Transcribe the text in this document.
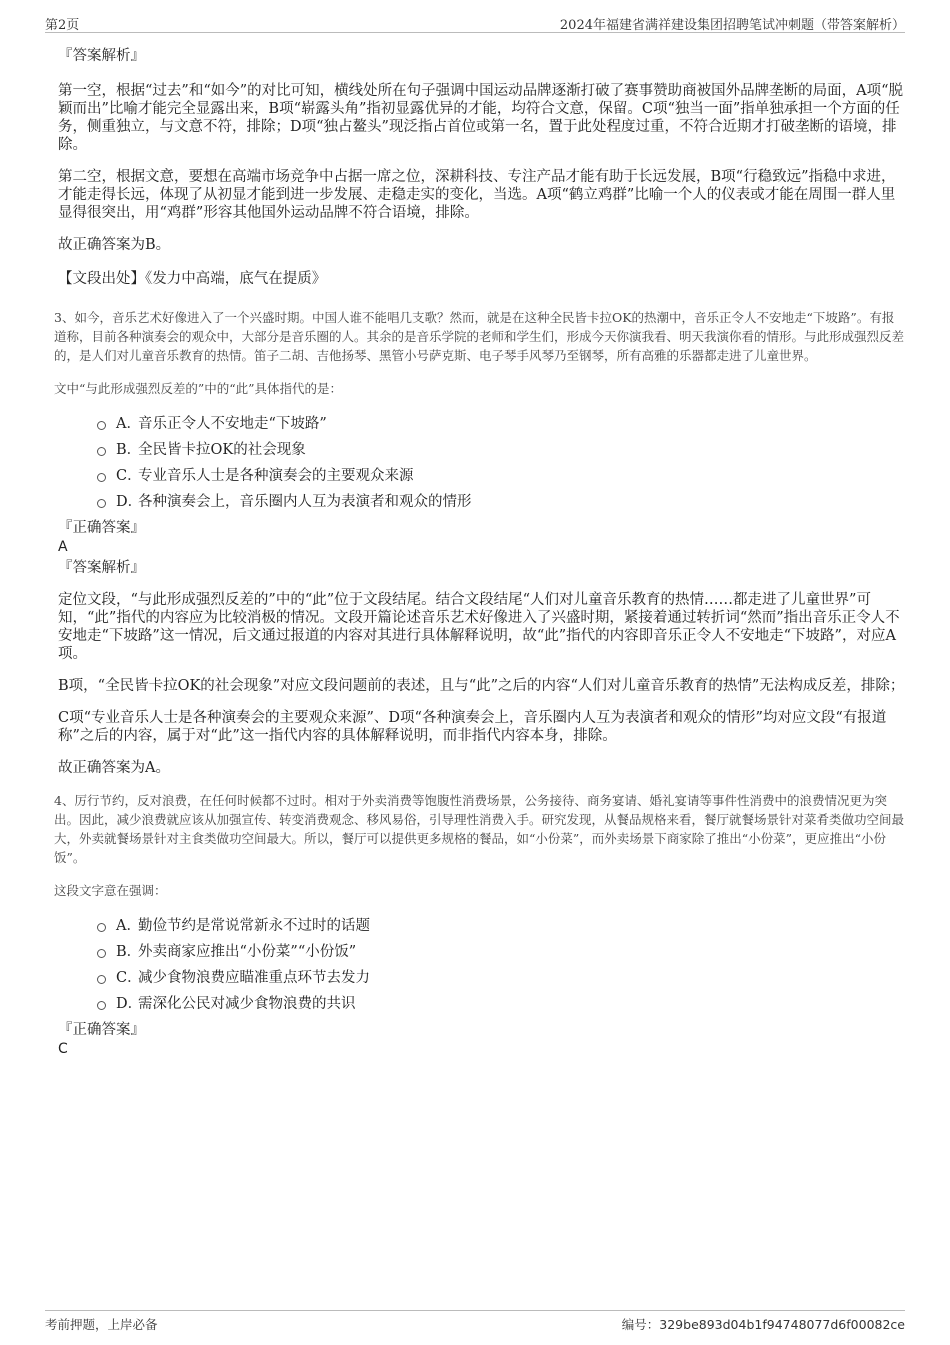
第2页	2024年福建省满祥建设集团招聘笔试冲刺题（带答案解析）

『答案解析』

第一空，根据“过去”和“如今”的对比可知，横线处所在句子强调中国运动品牌逐渐打破了赛事赞助商被国外品牌垄断的局面，A项“脱颖而出”比喻才能完全显露出来，B项“崭露头角”指初显露优异的才能，均符合文意，保留。C项“独当一面”指单独承担一个方面的任务，侧重独立，与文意不符，排除；D项“独占鳌头”现泛指占首位或第一名，置于此处程度过重，不符合近期才打破垄断的语境，排除。

第二空，根据文意，要想在高端市场竞争中占据一席之位，深耕科技、专注产品才能有助于长远发展，B项“行稳致远”指稳中求进，才能走得长远，体现了从初显才能到进一步发展、走稳走实的变化，当选。A项“鹤立鸡群”比喻一个人的仪表或才能在周围一群人里显得很突出，用“鸡群”形容其他国外运动品牌不符合语境，排除。

故正确答案为B。

【文段出处】《发力中高端，底气在提质》

3、如今，音乐艺术好像进入了一个兴盛时期。中国人谁不能唱几支歌？然而，就是在这种全民皆卡拉OK的热潮中，音乐正令人不安地走“下坡路”。有报道称，目前各种演奏会的观众中，大部分是音乐圈的人。其余的是音乐学院的老师和学生们，形成今天你演我看、明天我演你看的情形。与此形成强烈反差的，是人们对儿童音乐教育的热情。笛子二胡、吉他扬琴、黑管小号萨克斯、电子琴手风琴乃至钢琴，所有高雅的乐器都走进了儿童世界。

文中“与此形成强烈反差的”中的“此”具体指代的是：

A．音乐正令人不安地走“下坡路”
B．全民皆卡拉OK的社会现象
C．专业音乐人士是各种演奏会的主要观众来源
D．各种演奏会上，音乐圈内人互为表演者和观众的情形

『正确答案』

A

『答案解析』

定位文段，“与此形成强烈反差的”中的“此”位于文段结尾。结合文段结尾“人们对儿童音乐教育的热情……都走进了儿童世界”可知，“此”指代的内容应为比较消极的情况。文段开篇论述音乐艺术好像进入了兴盛时期，紧接着通过转折词“然而”指出音乐正令人不安地走“下坡路”这一情况，后文通过报道的内容对其进行具体解释说明，故“此”指代的内容即音乐正令人不安地走“下坡路”，对应A项。

B项，“全民皆卡拉OK的社会现象”对应文段问题前的表述，且与“此”之后的内容“人们对儿童音乐教育的热情”无法构成反差，排除；

C项“专业音乐人士是各种演奏会的主要观众来源”、D项“各种演奏会上，音乐圈内人互为表演者和观众的情形”均对应文段“有报道称”之后的内容，属于对“此”这一指代内容的具体解释说明，而非指代内容本身，排除。

故正确答案为A。

4、厉行节约，反对浪费，在任何时候都不过时。相对于外卖消费等饱腹性消费场景，公务接待、商务宴请、婚礼宴请等事件性消费中的浪费情况更为突出。因此，减少浪费就应该从加强宣传、转变消费观念、移风易俗，引导理性消费入手。研究发现，从餐品规格来看，餐厅就餐场景针对菜肴类做功空间最大，外卖就餐场景针对主食类做功空间最大。所以，餐厅可以提供更多规格的餐品，如“小份菜”，而外卖场景下商家除了推出“小份菜”，更应推出“小份饭”。

这段文字意在强调：

A．勤俭节约是常说常新永不过时的话题
B．外卖商家应推出“小份菜”“小份饭”
C．减少食物浪费应瞄准重点环节去发力
D．需深化公民对减少食物浪费的共识

『正确答案』

C

考前押题，上岸必备	编号：329be893d04b1f94748077d6f00082ce
